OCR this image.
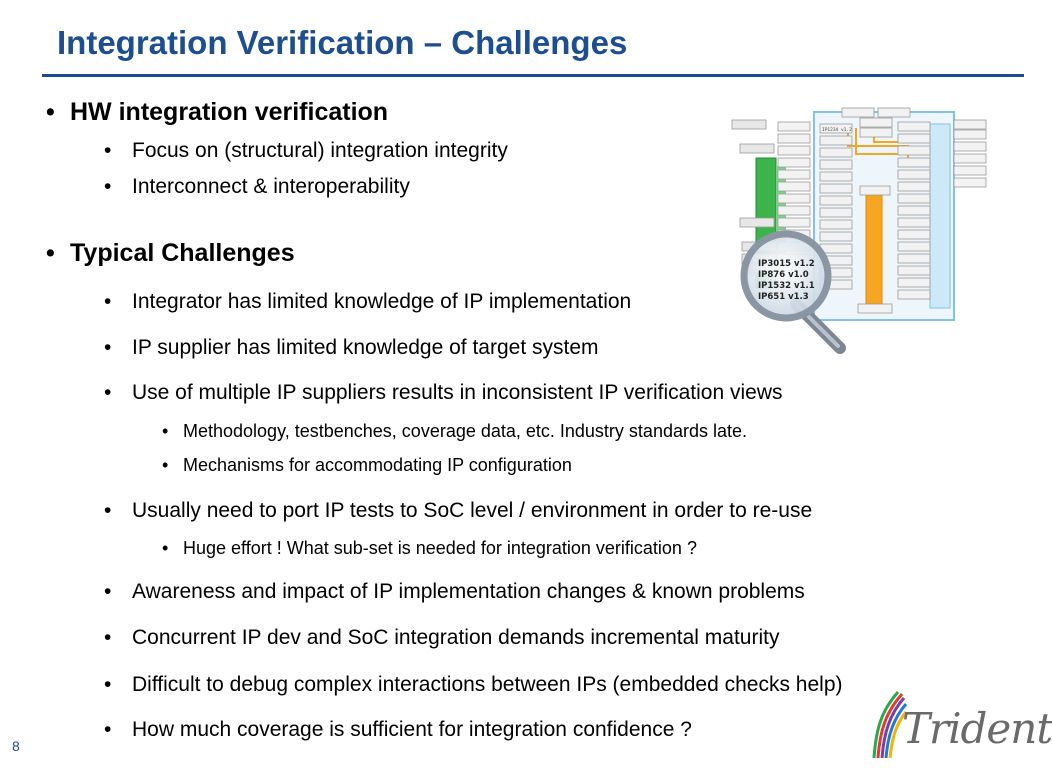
Integration Verification – Challenges
• HW integration verification
• Focus on (structural) integration integrity
• Interconnect & interoperability
• Typical Challenges
• Integrator has limited knowledge of IP implementation
• IP supplier has limited knowledge of target system
• Use of multiple IP suppliers results in inconsistent IP verification views
• Methodology, testbenches, coverage data, etc. Industry standards late.
• Mechanisms for accommodating IP configuration
• Usually need to port IP tests to SoC level / environment in order to re-use
• Huge effort ! What sub-set is needed for integration verification ?
• Awareness and impact of IP implementation changes & known problems
• Concurrent IP dev and SoC integration demands incremental maturity
• Difficult to debug complex interactions between IPs (embedded checks help)
• How much coverage is sufficient for integration confidence ?
IP3015 v1.2
IP876 v1.0
IP1532 v1.1
IP651 v1.3
IP1234 v1.2
Trident
8
